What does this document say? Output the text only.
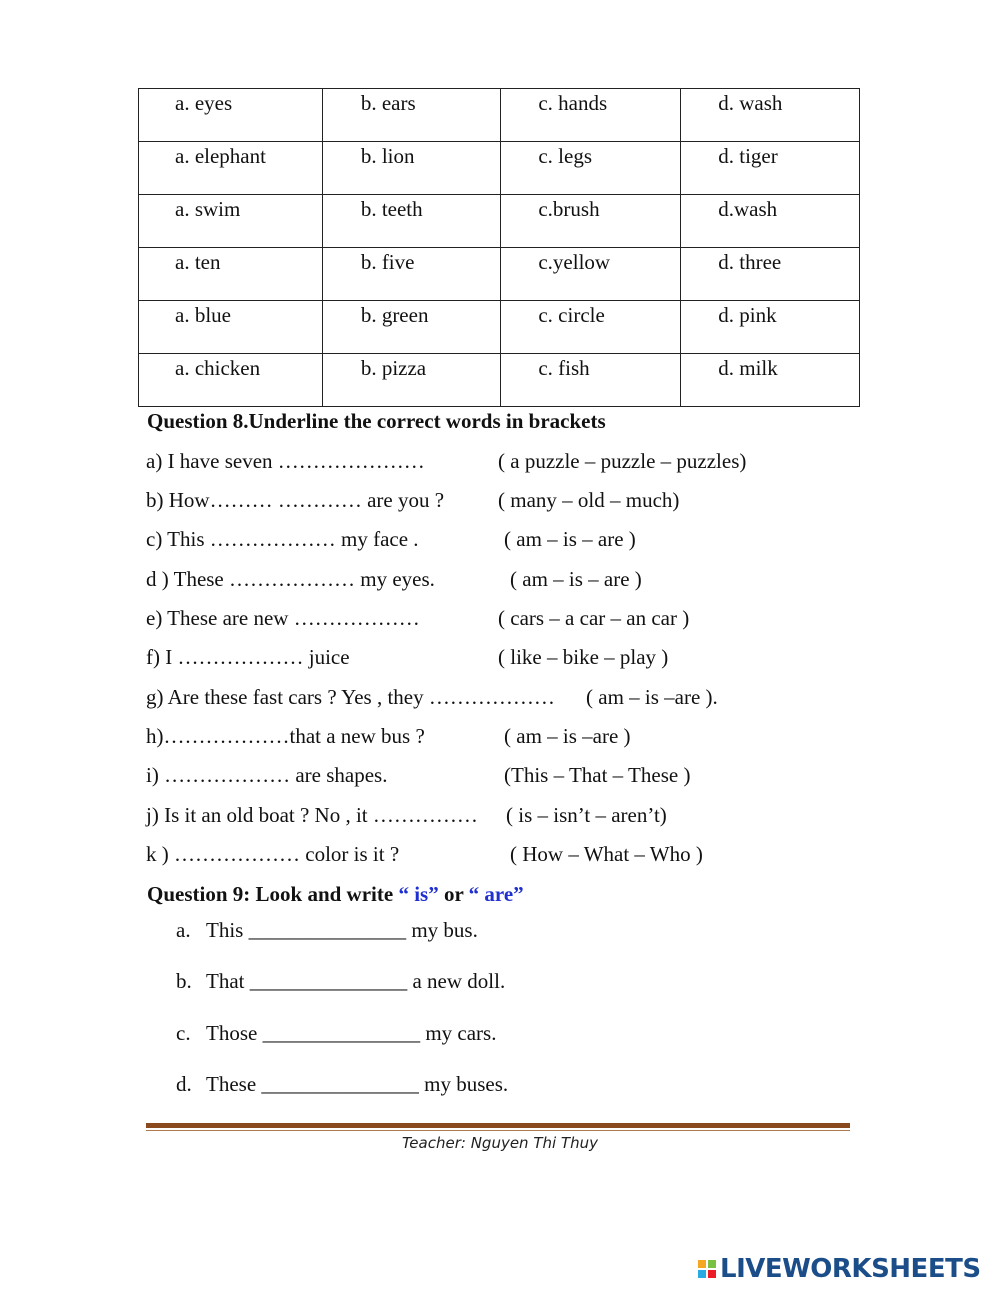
a. eyes	b. ears	c. hands	d. wash

a. elephant	b. lion	c. legs	d. tiger

a. swim	b. teeth	c.brush	d.wash

a. ten	b. five	c.yellow	d. three

a. blue	b. green	c. circle	d. pink

a. chicken	b. pizza	c. fish	d. milk
Question 8.Underline the correct words in brackets
a) I have seven …………………	( a puzzle – puzzle – puzzles)
b) How……… ………… are you ?	( many – old – much)
c) This ……………… my face .	( am – is – are )
d ) These ……………… my eyes.	( am – is – are )
e) These are new ………………	( cars – a car – an car )
f) I ……………… juice	( like – bike – play )
g) Are these fast cars ? Yes , they ……………… ( am – is –are ).
h)………………that a new bus ?	( am – is –are )
i) ……………… are shapes.	(This – That – These )
j) Is it an old boat ? No , it …………… ( is – isn’t – aren’t)
k ) ……………… color is it ?	( How – What – Who )
Question 9: Look and write “ is” or “ are”
a. This _______________ my bus.
b. That _______________ a new doll.
c. Those _______________ my cars.
d. These _______________ my buses.
Teacher: Nguyen Thi Thuy
LIVEWORKSHEETS
